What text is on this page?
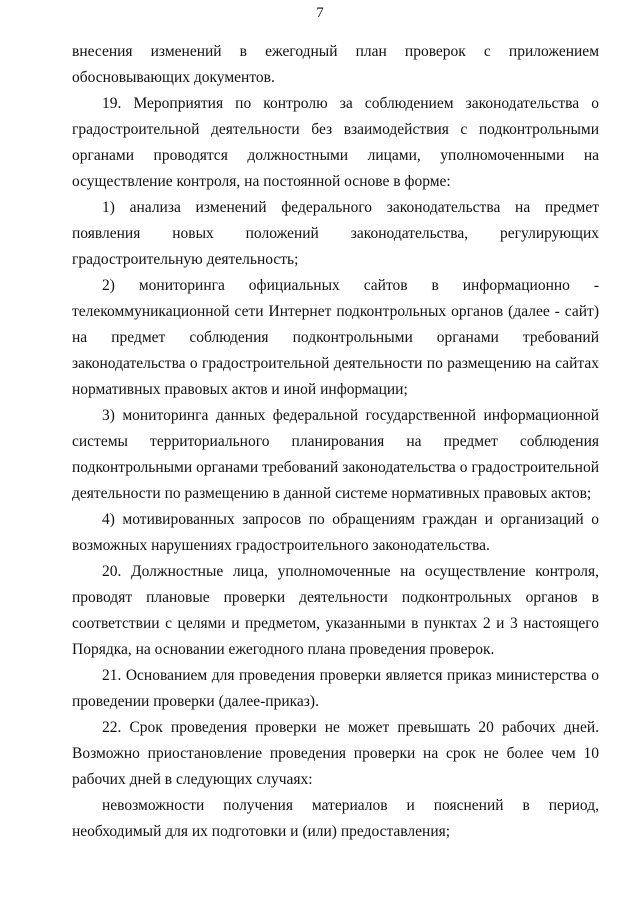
7

внесения изменений в ежегодный план проверок с приложением обосновывающих документов.

19. Мероприятия по контролю за соблюдением законодательства о градостроительной деятельности без взаимодействия с подконтрольными органами проводятся должностными лицами, уполномоченными на осуществление контроля, на постоянной основе в форме:

1) анализа изменений федерального законодательства на предмет появления новых положений законодательства, регулирующих градостроительную деятельность;

2) мониторинга официальных сайтов в информационно - телекоммуникационной сети Интернет подконтрольных органов (далее - сайт) на предмет соблюдения подконтрольными органами требований законодательства о градостроительной деятельности по размещению на сайтах нормативных правовых актов и иной информации;

3) мониторинга данных федеральной государственной информационной системы территориального планирования на предмет соблюдения подконтрольными органами требований законодательства о градостроительной деятельности по размещению в данной системе нормативных правовых актов;

4) мотивированных запросов по обращениям граждан и организаций о возможных нарушениях градостроительного законодательства.

20. Должностные лица, уполномоченные на осуществление контроля, проводят плановые проверки деятельности подконтрольных органов в соответствии с целями и предметом, указанными в пунктах 2 и 3 настоящего Порядка, на основании ежегодного плана проведения проверок.

21. Основанием для проведения проверки является приказ министерства о проведении проверки (далее-приказ).

22. Срок проведения проверки не может превышать 20 рабочих дней. Возможно приостановление проведения проверки на срок не более чем 10 рабочих дней в следующих случаях:

невозможности получения материалов и пояснений в период, необходимый для их подготовки и (или) предоставления;
